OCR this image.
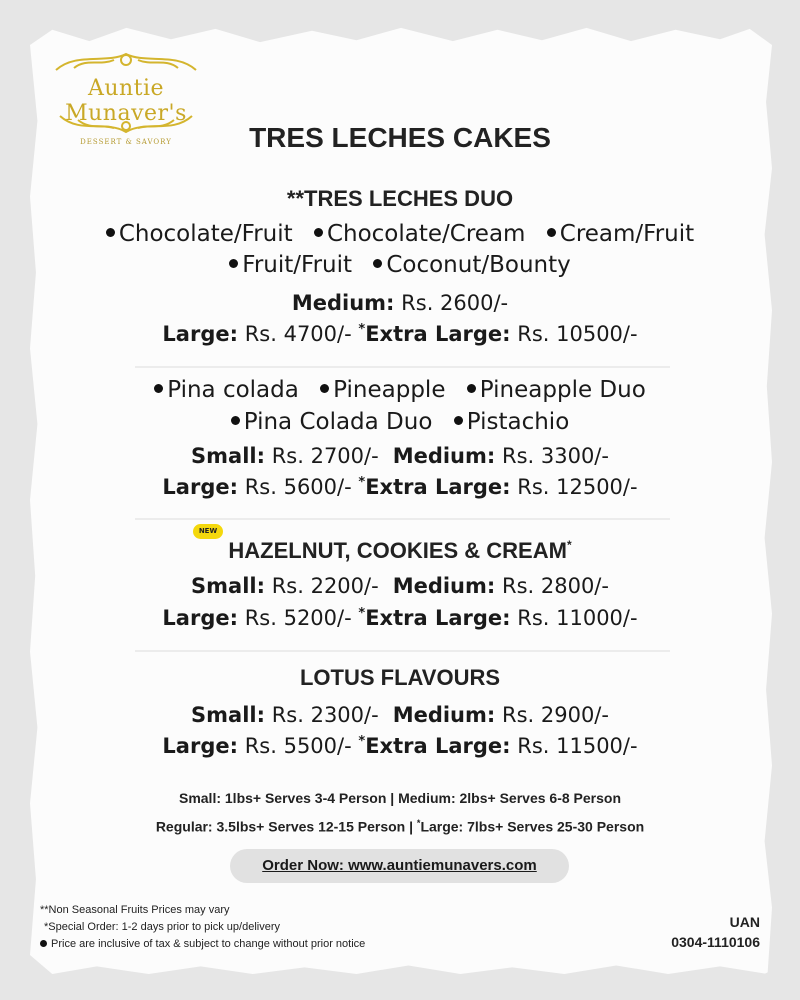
Auntie Munaver's
DESSERT & SAVORY	TRES LECHES CAKES
**TRES LECHES DUO
Chocolate/Fruit Chocolate/Cream Cream/Fruit
Fruit/Fruit Coconut/Bounty
Medium: Rs. 2600/-
Large: Rs. 4700/- *Extra Large: Rs. 10500/-
Pina colada Pineapple Pineapple Duo
Pina Colada Duo Pistachio
Small: Rs. 2700/- Medium: Rs. 3300/-
Large: Rs. 5600/- *Extra Large: Rs. 12500/-
NEW
HAZELNUT, COOKIES & CREAM*
Small: Rs. 2200/- Medium: Rs. 2800/-
Large: Rs. 5200/- *Extra Large: Rs. 11000/-
LOTUS FLAVOURS
Small: Rs. 2300/- Medium: Rs. 2900/-
Large: Rs. 5500/- *Extra Large: Rs. 11500/-
Small: 1lbs+ Serves 3-4 Person | Medium: 2lbs+ Serves 6-8 Person
Regular: 3.5lbs+ Serves 12-15 Person | *Large: 7lbs+ Serves 25-30 Person
Order Now: www.auntiemunavers.com
**Non Seasonal Fruits Prices may vary
*Special Order: 1-2 days prior to pick up/delivery
Price are inclusive of tax & subject to change without prior notice
UAN
0304-1110106
